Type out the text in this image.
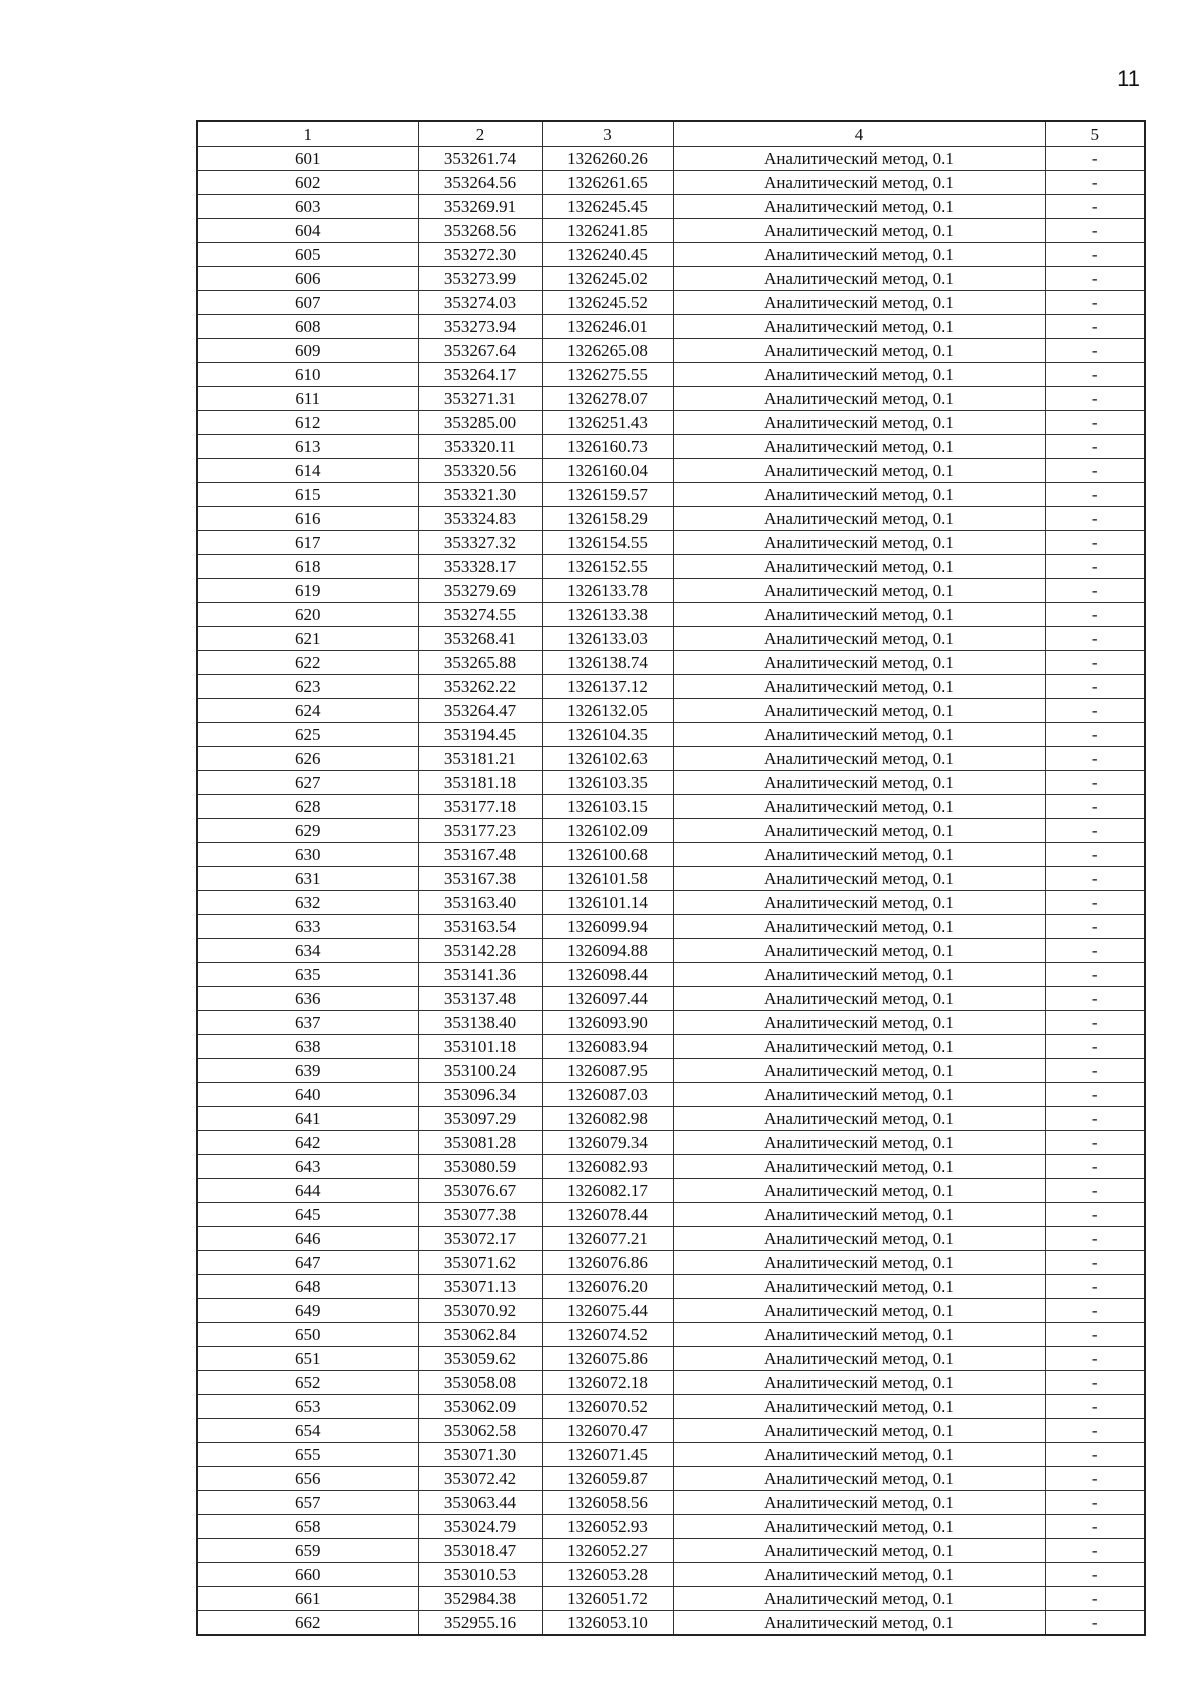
11
1	2	3	4	5
601	353261.74	1326260.26	Аналитический метод, 0.1	-
602	353264.56	1326261.65	Аналитический метод, 0.1	-
603	353269.91	1326245.45	Аналитический метод, 0.1	-
604	353268.56	1326241.85	Аналитический метод, 0.1	-
605	353272.30	1326240.45	Аналитический метод, 0.1	-
606	353273.99	1326245.02	Аналитический метод, 0.1	-
607	353274.03	1326245.52	Аналитический метод, 0.1	-
608	353273.94	1326246.01	Аналитический метод, 0.1	-
609	353267.64	1326265.08	Аналитический метод, 0.1	-
610	353264.17	1326275.55	Аналитический метод, 0.1	-
611	353271.31	1326278.07	Аналитический метод, 0.1	-
612	353285.00	1326251.43	Аналитический метод, 0.1	-
613	353320.11	1326160.73	Аналитический метод, 0.1	-
614	353320.56	1326160.04	Аналитический метод, 0.1	-
615	353321.30	1326159.57	Аналитический метод, 0.1	-
616	353324.83	1326158.29	Аналитический метод, 0.1	-
617	353327.32	1326154.55	Аналитический метод, 0.1	-
618	353328.17	1326152.55	Аналитический метод, 0.1	-
619	353279.69	1326133.78	Аналитический метод, 0.1	-
620	353274.55	1326133.38	Аналитический метод, 0.1	-
621	353268.41	1326133.03	Аналитический метод, 0.1	-
622	353265.88	1326138.74	Аналитический метод, 0.1	-
623	353262.22	1326137.12	Аналитический метод, 0.1	-
624	353264.47	1326132.05	Аналитический метод, 0.1	-
625	353194.45	1326104.35	Аналитический метод, 0.1	-
626	353181.21	1326102.63	Аналитический метод, 0.1	-
627	353181.18	1326103.35	Аналитический метод, 0.1	-
628	353177.18	1326103.15	Аналитический метод, 0.1	-
629	353177.23	1326102.09	Аналитический метод, 0.1	-
630	353167.48	1326100.68	Аналитический метод, 0.1	-
631	353167.38	1326101.58	Аналитический метод, 0.1	-
632	353163.40	1326101.14	Аналитический метод, 0.1	-
633	353163.54	1326099.94	Аналитический метод, 0.1	-
634	353142.28	1326094.88	Аналитический метод, 0.1	-
635	353141.36	1326098.44	Аналитический метод, 0.1	-
636	353137.48	1326097.44	Аналитический метод, 0.1	-
637	353138.40	1326093.90	Аналитический метод, 0.1	-
638	353101.18	1326083.94	Аналитический метод, 0.1	-
639	353100.24	1326087.95	Аналитический метод, 0.1	-
640	353096.34	1326087.03	Аналитический метод, 0.1	-
641	353097.29	1326082.98	Аналитический метод, 0.1	-
642	353081.28	1326079.34	Аналитический метод, 0.1	-
643	353080.59	1326082.93	Аналитический метод, 0.1	-
644	353076.67	1326082.17	Аналитический метод, 0.1	-
645	353077.38	1326078.44	Аналитический метод, 0.1	-
646	353072.17	1326077.21	Аналитический метод, 0.1	-
647	353071.62	1326076.86	Аналитический метод, 0.1	-
648	353071.13	1326076.20	Аналитический метод, 0.1	-
649	353070.92	1326075.44	Аналитический метод, 0.1	-
650	353062.84	1326074.52	Аналитический метод, 0.1	-
651	353059.62	1326075.86	Аналитический метод, 0.1	-
652	353058.08	1326072.18	Аналитический метод, 0.1	-
653	353062.09	1326070.52	Аналитический метод, 0.1	-
654	353062.58	1326070.47	Аналитический метод, 0.1	-
655	353071.30	1326071.45	Аналитический метод, 0.1	-
656	353072.42	1326059.87	Аналитический метод, 0.1	-
657	353063.44	1326058.56	Аналитический метод, 0.1	-
658	353024.79	1326052.93	Аналитический метод, 0.1	-
659	353018.47	1326052.27	Аналитический метод, 0.1	-
660	353010.53	1326053.28	Аналитический метод, 0.1	-
661	352984.38	1326051.72	Аналитический метод, 0.1	-
662	352955.16	1326053.10	Аналитический метод, 0.1	-
